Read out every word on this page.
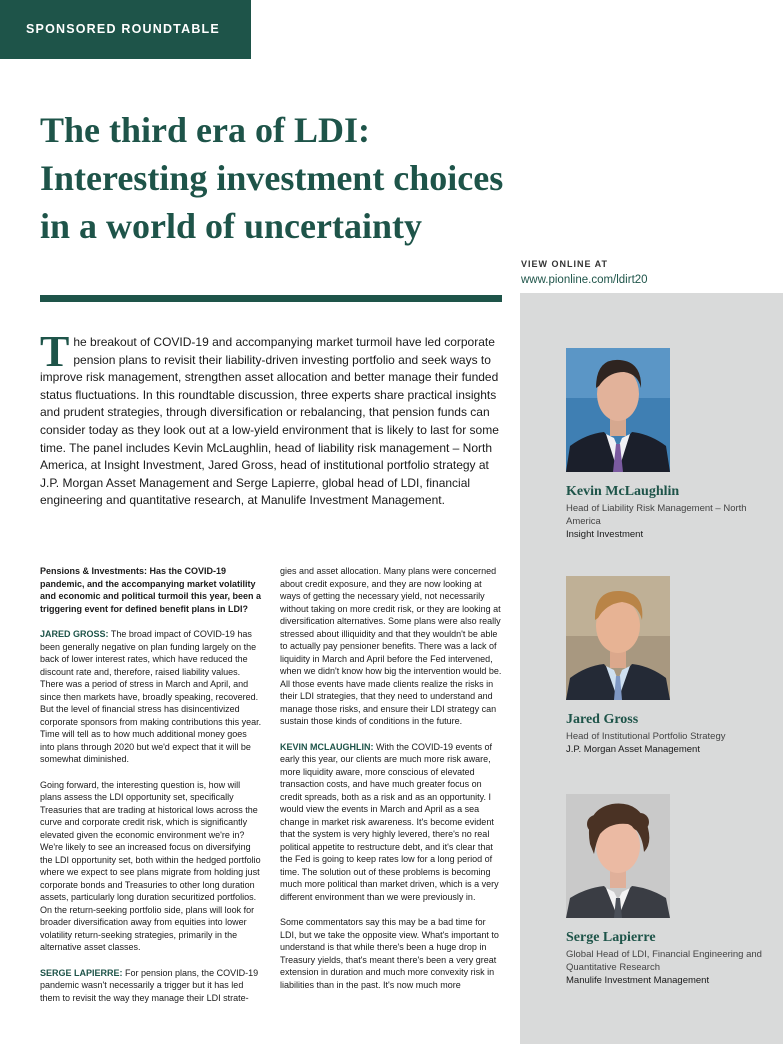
SPONSORED ROUNDTABLE
The third era of LDI:
Interesting investment choices
in a world of uncertainty
VIEW ONLINE AT
www.pionline.com/ldirt20

The breakout of COVID-19 and accompanying market turmoil have led corporate pension plans to revisit their liability-driven investing portfolio and seek ways to improve risk management, strengthen asset allocation and better manage their funded status fluctuations. In this roundtable discussion, three experts share practical insights and prudent strategies, through diversification or rebalancing, that pension funds can consider today as they look out at a low-yield environment that is likely to last for some time. The panel includes Kevin McLaughlin, head of liability risk management – North America, at Insight Investment, Jared Gross, head of institutional portfolio strategy at J.P. Morgan Asset Management and Serge Lapierre, global head of LDI, financial engineering and quantitative research, at Manulife Investment Management.

Pensions & Investments: Has the COVID-19 pandemic, and the accompanying market volatility and economic and political turmoil this year, been a triggering event for defined benefit plans in LDI?

JARED GROSS: The broad impact of COVID-19 has been generally negative on plan funding largely on the back of lower interest rates, which have reduced the discount rate and, therefore, raised liability values. There was a period of stress in March and April, and since then markets have, broadly speaking, recovered. But the level of financial stress has disincentivized corporate sponsors from making contributions this year. Time will tell as to how much additional money goes into plans through 2020 but we'd expect that it will be somewhat diminished.

Going forward, the interesting question is, how will plans assess the LDI opportunity set, specifically Treasuries that are trading at historical lows across the curve and corporate credit risk, which is significantly elevated given the economic environment we're in? We're likely to see an increased focus on diversifying the LDI opportunity set, both within the hedged portfolio where we expect to see plans migrate from holding just corporate bonds and Treasuries to other long duration assets, particularly long duration securitized portfolios. On the return-seeking portfolio side, plans will look for broader diversification away from equities into lower volatility return-seeking strategies, primarily in the alternative asset classes.

SERGE LAPIERRE: For pension plans, the COVID-19 pandemic wasn't necessarily a trigger but it has led them to revisit the way they manage their LDI strate-

gies and asset allocation. Many plans were concerned about credit exposure, and they are now looking at ways of getting the necessary yield, not necessarily without taking on more credit risk, or they are looking at diversification alternatives. Some plans were also really stressed about illiquidity and that they wouldn't be able to actually pay pensioner benefits. There was a lack of liquidity in March and April before the Fed intervened, when we didn't know how big the intervention would be. All those events have made clients realize the risks in their LDI strategies, that they need to understand and manage those risks, and ensure their LDI strategy can sustain those kinds of conditions in the future.

KEVIN MCLAUGHLIN: With the COVID-19 events of early this year, our clients are much more risk aware, more liquidity aware, more conscious of elevated transaction costs, and have much greater focus on credit spreads, both as a risk and as an opportunity. I would view the events in March and April as a sea change in market risk awareness. It's become evident that the system is very highly levered, there's no real political appetite to restructure debt, and it's clear that the Fed is going to keep rates low for a long period of time. The solution out of these problems is becoming much more political than market driven, which is a very different environment than we were previously in.

Some commentators say this may be a bad time for LDI, but we take the opposite view. What's important to understand is that while there's been a huge drop in Treasury yields, that's meant there's been a very great extension in duration and much more convexity risk in liabilities than in the past. It's now much more

Kevin McLaughlin
Head of Liability Risk Management – North America
Insight Investment
Jared Gross
Head of Institutional Portfolio Strategy
J.P. Morgan Asset Management
Serge Lapierre
Global Head of LDI, Financial Engineering and Quantitative Research
Manulife Investment Management
